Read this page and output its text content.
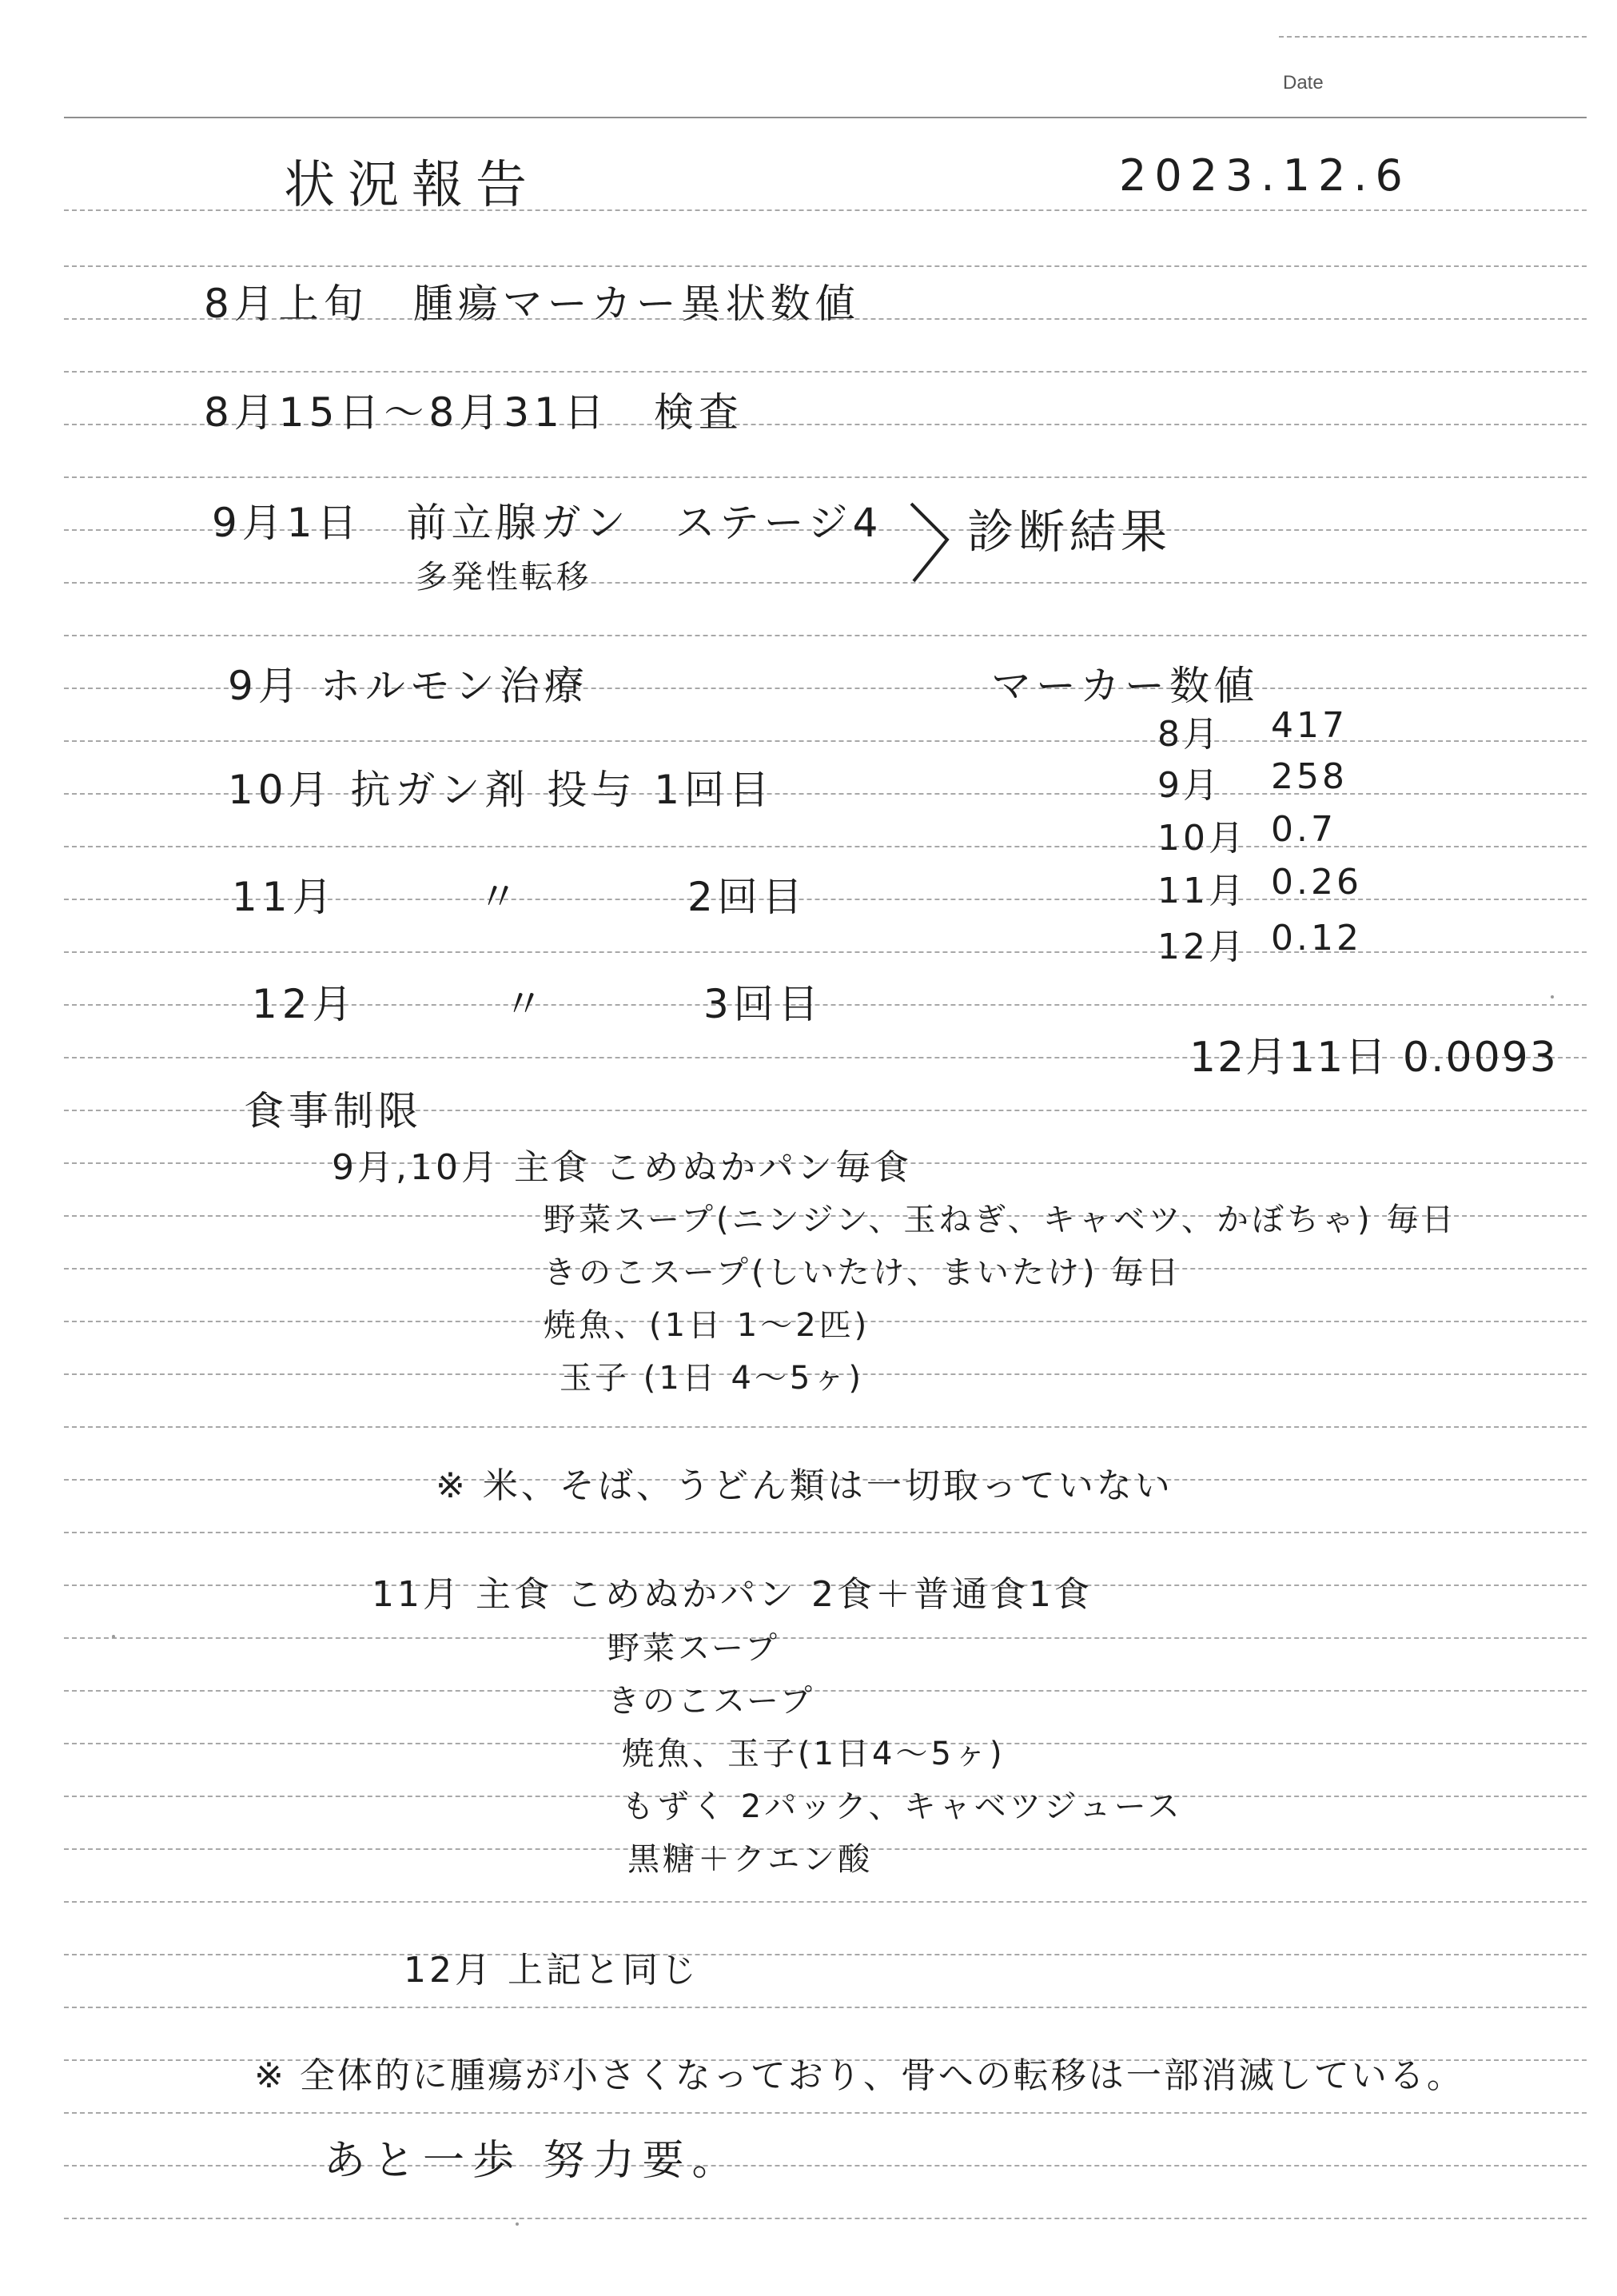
Date
状況報告	2023.12.6
8月上旬　腫瘍マーカー異状数値
8月15日～8月31日　検査
9月1日　前立腺ガン　ステージ4
多発性転移
診断結果
9月 ホルモン治療
10月 抗ガン剤 投与 1回目
11月	〃	2回目
12月	〃	3回目
マーカー数値
8月 417
9月 258
10月 0.7
11月 0.26
12月 0.12
12月11日 0.0093
食事制限
9月,10月 主食 こめぬかパン毎食
野菜スープ(ニンジン、玉ねぎ、キャベツ、かぼちゃ) 毎日
きのこスープ(しいたけ、まいたけ) 毎日
焼魚、(1日 1～2匹)
玉子 (1日 4～5ヶ)
※ 米、そば、うどん類は一切取っていない
11月 主食 こめぬかパン 2食＋普通食1食
野菜スープ
きのこスープ
焼魚、玉子(1日4～5ヶ)
もずく 2パック、キャベツジュース
黒糖＋クエン酸
12月 上記と同じ
※ 全体的に腫瘍が小さくなっており、骨への転移は一部消滅している。
あと一歩 努力要。
